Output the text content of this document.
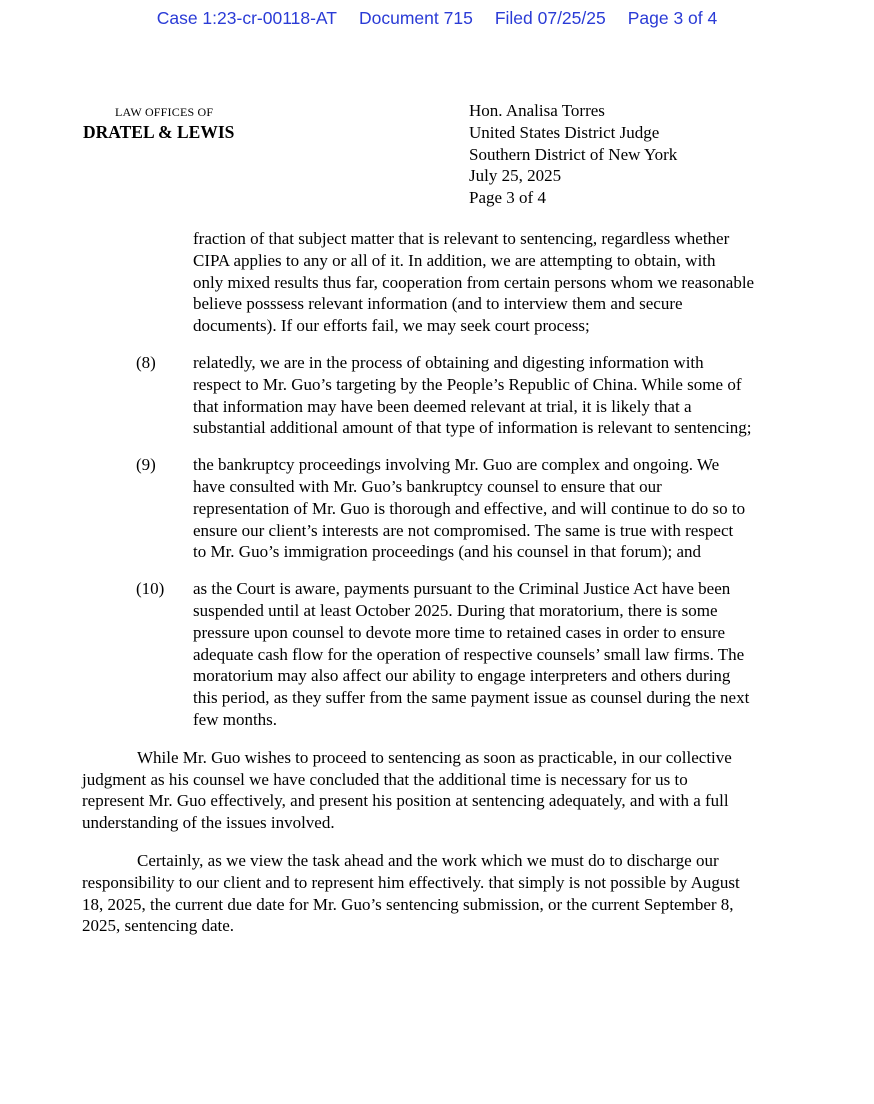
Case 1:23-cr-00118-AT Document 715 Filed 07/25/25 Page 3 of 4
LAW OFFICES OF
DRATEL & LEWIS
Hon. Analisa Torres
United States District Judge
Southern District of New York
July 25, 2025
Page 3 of 4
fraction of that subject matter that is relevant to sentencing, regardless whether
CIPA applies to any or all of it. In addition, we are attempting to obtain, with
only mixed results thus far, cooperation from certain persons whom we reasonable
believe posssess relevant information (and to interview them and secure
documents). If our efforts fail, we may seek court process;
(8) relatedly, we are in the process of obtaining and digesting information with
respect to Mr. Guo’s targeting by the People’s Republic of China. While some of
that information may have been deemed relevant at trial, it is likely that a
substantial additional amount of that type of information is relevant to sentencing;
(9) the bankruptcy proceedings involving Mr. Guo are complex and ongoing. We
have consulted with Mr. Guo’s bankruptcy counsel to ensure that our
representation of Mr. Guo is thorough and effective, and will continue to do so to
ensure our client’s interests are not compromised. The same is true with respect
to Mr. Guo’s immigration proceedings (and his counsel in that forum); and
(10) as the Court is aware, payments pursuant to the Criminal Justice Act have been
suspended until at least October 2025. During that moratorium, there is some
pressure upon counsel to devote more time to retained cases in order to ensure
adequate cash flow for the operation of respective counsels’ small law firms. The
moratorium may also affect our ability to engage interpreters and others during
this period, as they suffer from the same payment issue as counsel during the next
few months.
While Mr. Guo wishes to proceed to sentencing as soon as practicable, in our collective
judgment as his counsel we have concluded that the additional time is necessary for us to
represent Mr. Guo effectively, and present his position at sentencing adequately, and with a full
understanding of the issues involved.
Certainly, as we view the task ahead and the work which we must do to discharge our
responsibility to our client and to represent him effectively. that simply is not possible by August
18, 2025, the current due date for Mr. Guo’s sentencing submission, or the current September 8,
2025, sentencing date.
